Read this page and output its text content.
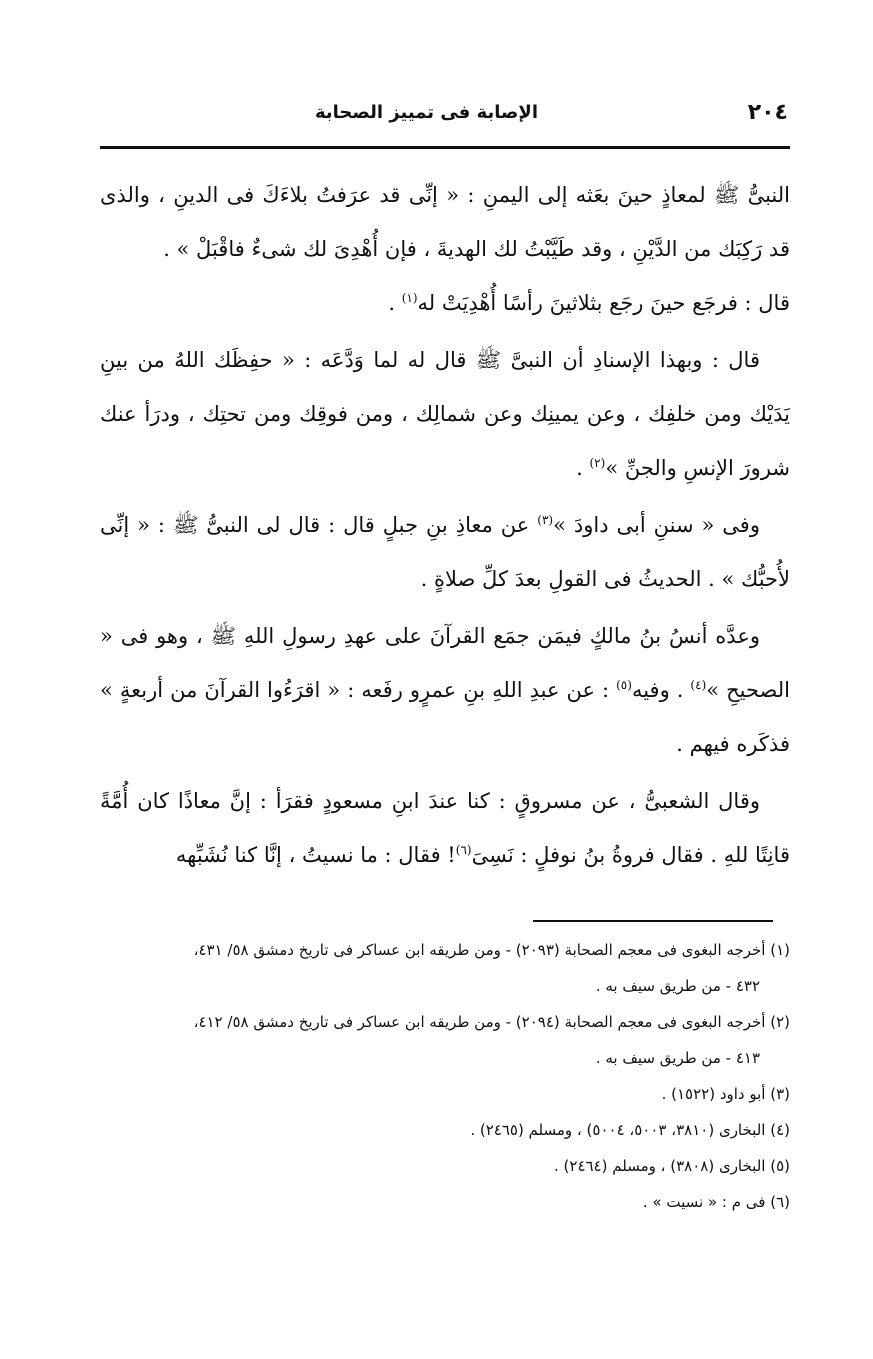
٢٠٤
الإصابة فى تمييز الصحابة

النبىُّ ﷺ لمعاذٍ حينَ بعَثه إلى اليمنِ : « إنِّى قد عرَفتُ بلاءَكَ فى الدينِ ، والذى قد رَكِبَك من الدَّيْنِ ، وقد طَيَّبْتُ لك الهديةَ ، فإن أُهْدِىَ لك شىءٌ فاقْبَلْ » .
قال : فرجَع حينَ رجَع بثلاثينَ رأسًا أُهْدِيَتْ له$^{(١)}$ .

قال : وبهذا الإسنادِ أن النبىَّ ﷺ قال له لما وَدَّعَه : « حفِظَك اللهُ من بينِ يَدَيْك ومن خلفِك ، وعن يمينِك وعن شمالِك ، ومن فوقِك ومن تحتِك ، ودرَأ عنك شرورَ الإنسِ والجنِّ »$^{(٢)}$ .

وفى « سننِ أبى داودَ »$^{(٣)}$ عن معاذِ بنِ جبلٍ قال : قال لى النبىُّ ﷺ : « إنِّى لأُحبُّك » . الحديثُ فى القولِ بعدَ كلِّ صلاةٍ .

وعدَّه أنسُ بنُ مالكٍ فيمَن جمَع القرآنَ على عهدِ رسولِ اللهِ ﷺ ، وهو فى « الصحيحِ »$^{(٤)}$ . وفيه$^{(٥)}$ : عن عبدِ اللهِ بنِ عمرٍو رفَعه : « اقرَءُوا القرآنَ من أربعةٍ » فذكَره فيهم .

وقال الشعبىُّ ، عن مسروقٍ : كنا عندَ ابنِ مسعودٍ فقرَأ : إنَّ معاذًا كان أُمَّةً قانِتًا للهِ . فقال فروةُ بنُ نوفلٍ : نَسِىَ$^{(٦)}$! فقال : ما نسيتُ ، إنَّا كنا نُشَبِّهه

(١) أخرجه البغوى فى معجم الصحابة (٢٠٩٣) - ومن طريقه ابن عساكر فى تاريخ دمشق ٥٨/ ٤٣١،

٤٣٢ - من طريق سيف به .

(٢) أخرجه البغوى فى معجم الصحابة (٢٠٩٤) - ومن طريقه ابن عساكر فى تاريخ دمشق ٥٨/ ٤١٢،

٤١٣ - من طريق سيف به .

(٣) أبو داود (١٥٢٢) .

(٤) البخارى (٣٨١٠، ٥٠٠٣، ٥٠٠٤) ، ومسلم (٢٤٦٥) .

(٥) البخارى (٣٨٠٨) ، ومسلم (٢٤٦٤) .

(٦) فى م : « نسيت » .
